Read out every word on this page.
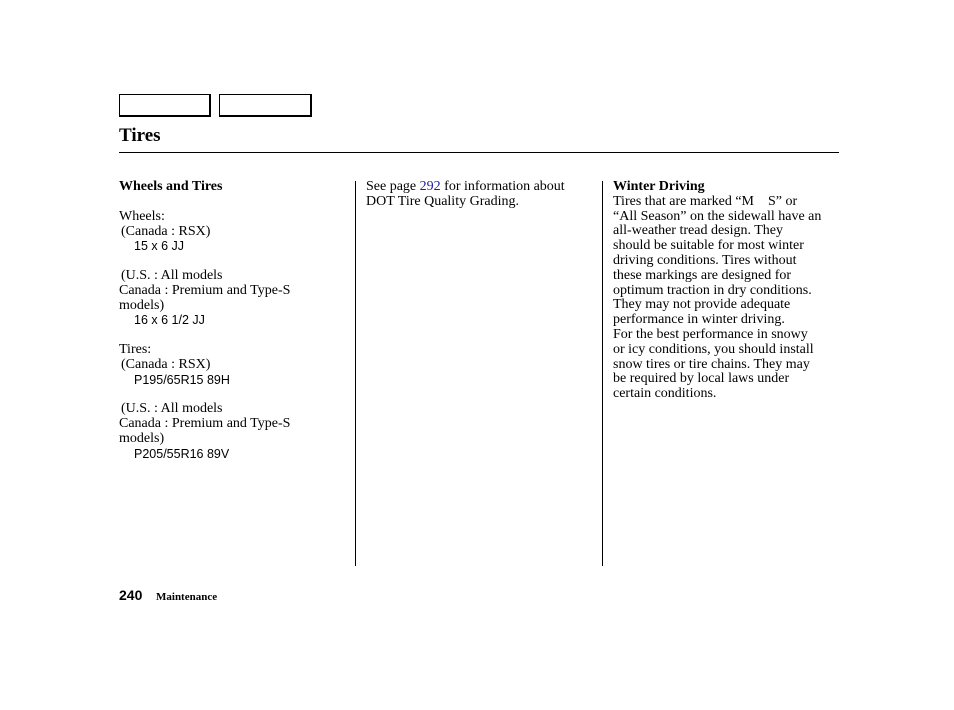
Tires

Wheels and Tires

Wheels:

(Canada : RSX)

15 x 6 JJ

(U.S. : All models

Canada : Premium and Type-S

models)

16 x 6 1/2 JJ

Tires:

(Canada : RSX)

P195/65R15 89H

(U.S. : All models

Canada : Premium and Type-S

models)

P205/55R16 89V

See page 292 for information about

DOT Tire Quality Grading.

Winter Driving

Tires that are marked “M S” or

“All Season” on the sidewall have an

all-weather tread design. They

should be suitable for most winter

driving conditions. Tires without

these markings are designed for

optimum traction in dry conditions.

They may not provide adequate

performance in winter driving.

For the best performance in snowy

or icy conditions, you should install

snow tires or tire chains. They may

be required by local laws under

certain conditions.

240 Maintenance
